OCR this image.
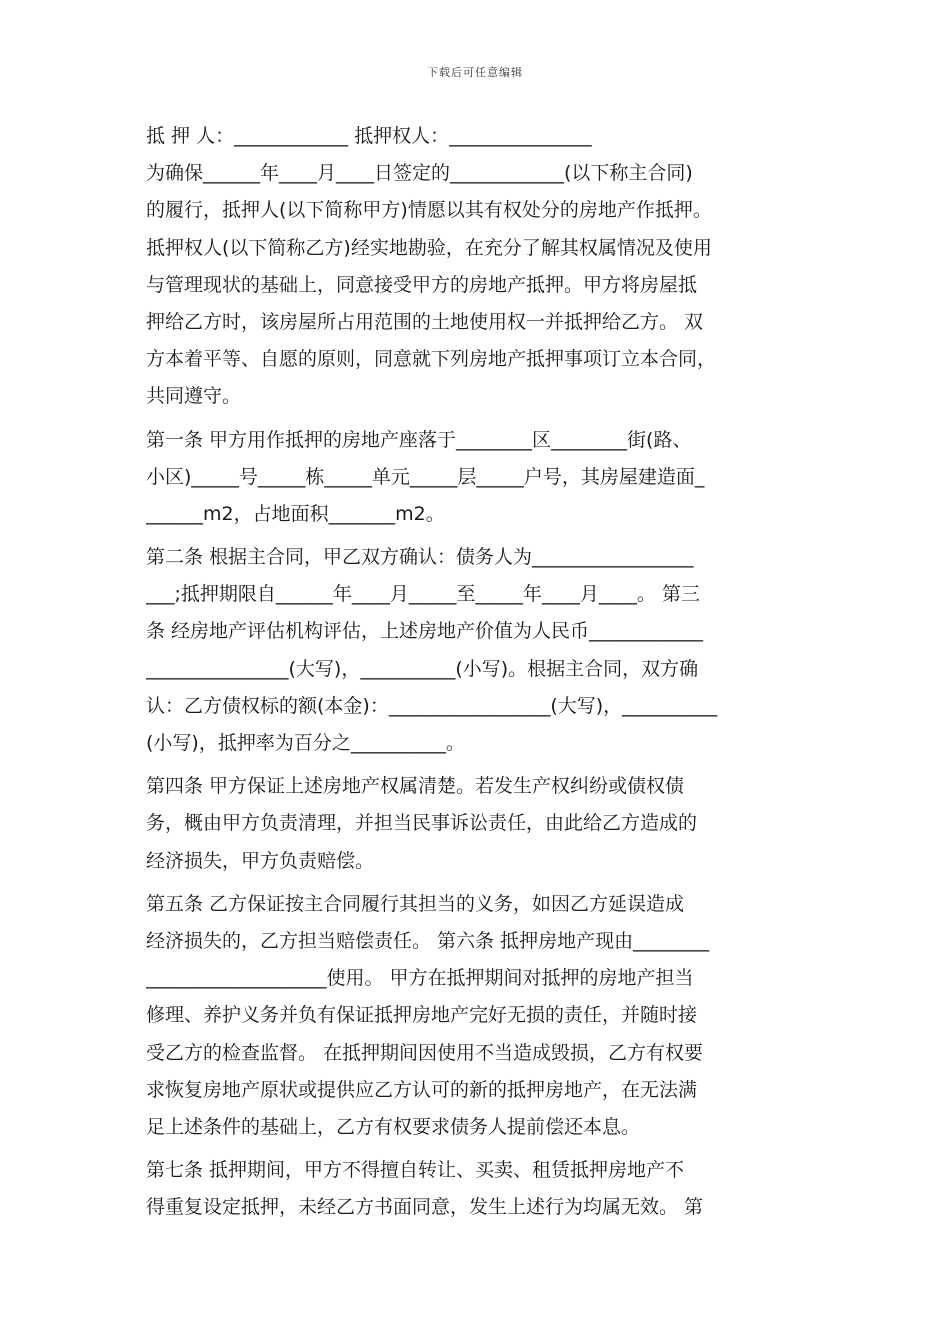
下载后可任意编辑
抵 押 人：____________ 抵押权人：_______________
为确保______年____月____日签定的____________(以下称主合同)
的履行，抵押人(以下简称甲方)情愿以其有权处分的房地产作抵押。
抵押权人(以下简称乙方)经实地勘验，在充分了解其权属情况及使用
与管理现状的基础上，同意接受甲方的房地产抵押。甲方将房屋抵
押给乙方时，该房屋所占用范围的土地使用权一并抵押给乙方。 双
方本着平等、自愿的原则，同意就下列房地产抵押事项订立本合同，
共同遵守。
第一条 甲方用作抵押的房地产座落于________区________街(路、
小区)_____号_____栋_____单元_____层_____户号，其房屋建造面_
______m2，占地面积_______m2。
第二条 根据主合同，甲乙双方确认：债务人为_________________
___;抵押期限自______年____月_____至_____年____月____。 第三
条 经房地产评估机构评估，上述房地产价值为人民币____________
_______________(大写)，__________(小写)。根据主合同，双方确
认：乙方债权标的额(本金)：_________________(大写)，__________
(小写)，抵押率为百分之__________。
第四条 甲方保证上述房地产权属清楚。若发生产权纠纷或债权债
务，概由甲方负责清理，并担当民事诉讼责任，由此给乙方造成的
经济损失，甲方负责赔偿。
第五条 乙方保证按主合同履行其担当的义务，如因乙方延误造成
经济损失的，乙方担当赔偿责任。 第六条 抵押房地产现由________
___________________使用。 甲方在抵押期间对抵押的房地产担当
修理、养护义务并负有保证抵押房地产完好无损的责任，并随时接
受乙方的检查监督。 在抵押期间因使用不当造成毁损，乙方有权要
求恢复房地产原状或提供应乙方认可的新的抵押房地产，在无法满
足上述条件的基础上，乙方有权要求债务人提前偿还本息。
第七条 抵押期间，甲方不得擅自转让、买卖、租赁抵押房地产不
得重复设定抵押，未经乙方书面同意，发生上述行为均属无效。 第
